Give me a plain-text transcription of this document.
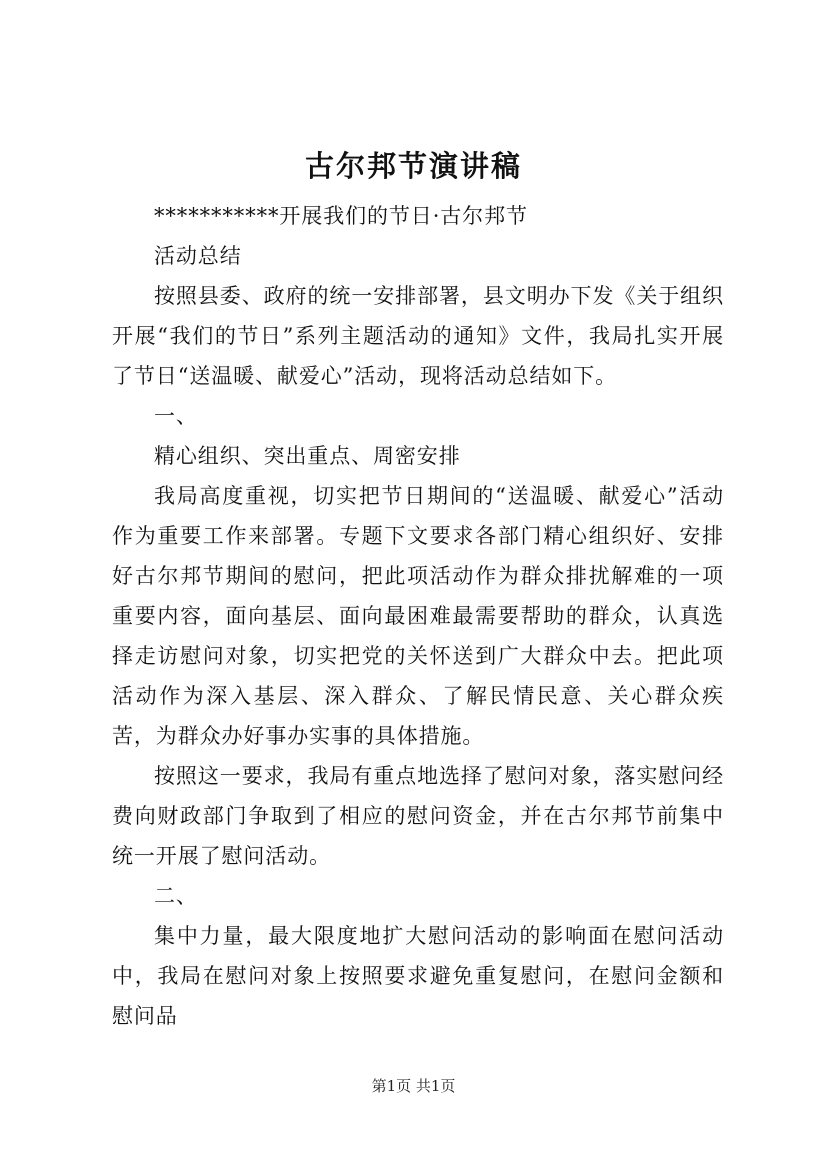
古尔邦节演讲稿

***********开展我们的节日·古尔邦节

活动总结

按照县委、政府的统一安排部署，县文明办下发《关于组织开展“我们的节日”系列主题活动的通知》文件，我局扎实开展了节日“送温暖、献爱心”活动，现将活动总结如下。

一、

精心组织、突出重点、周密安排

我局高度重视，切实把节日期间的“送温暖、献爱心”活动作为重要工作来部署。专题下文要求各部门精心组织好、安排好古尔邦节期间的慰问，把此项活动作为群众排扰解难的一项重要内容，面向基层、面向最困难最需要帮助的群众，认真选择走访慰问对象，切实把党的关怀送到广大群众中去。把此项活动作为深入基层、深入群众、了解民情民意、关心群众疾苦，为群众办好事办实事的具体措施。

按照这一要求，我局有重点地选择了慰问对象，落实慰问经费向财政部门争取到了相应的慰问资金，并在古尔邦节前集中统一开展了慰问活动。

二、

集中力量，最大限度地扩大慰问活动的影响面在慰问活动中，我局在慰问对象上按照要求避免重复慰问，在慰问金额和慰问品

第1页 共1页
